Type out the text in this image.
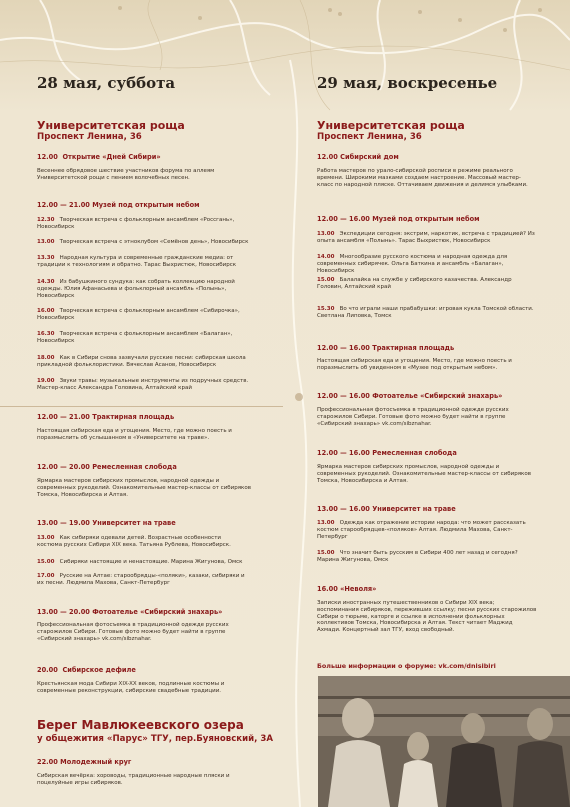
28 мая, суббота
Университетская роща
Проспект Ленина, 36
12.00 Открытие «Дней Сибири»
Весеннее обрядовое шествие участников форума по аллеям Университетской рощи с пением волочебных песен.
12.00 — 21.00 Музей под открытым небом
12.30 Творческая встреча с фольклорным ансамблем «Россгань», Новосибирск
13.00 Творческая встреча с этноклубом «Семёнов день», Новосибирск
13.30 Народная культура и современные гражданские медиа: от традиции к технологиям и обратно. Тарас Выхристюк, Новосибирск
14.30 Из бабушкиного сундука: как собрать коллекцию народной одежды. Юлия Афанасьева и фольклорный ансамбль «Полынь», Новосибирск
16.00 Творческая встреча с фольклорным ансамблем «Сибирочка», Новосибирск
16.30 Творческая встреча с фольклорным ансамблем «Балаган», Новосибирск
18.00 Как в Сибири снова зазвучали русские песни: сибирская школа прикладной фольклористики. Вячеслав Асанов, Новосибирск
19.00 Звуки травы: музыкальные инструменты из подручных средств. Мастер-класс Александра Головина, Алтайский край
12.00 — 21.00 Трактирная площадь
Настоящая сибирская еда и угощения. Место, где можно поесть и поразмыслить об услышанном в «Университете на траве».
12.00 — 20.00 Ремесленная слобода
Ярмарка мастеров сибирских промыслов, народной одежды и современных рукоделий. Ознакомительные мастер-классы от сибиряков Томска, Новосибирска и Алтая.
13.00 — 19.00 Университет на траве
13.00 Как сибиряки одевали детей. Возрастные особенности костюма русских Сибири XIX века. Татьяна Рублева, Новосибирск.
15.00 Сибиряки настоящие и ненастоящие. Марина Жигунова, Омск
17.00 Русские на Алтае: старообрядцы-«поляки», казаки, сибиряки и их песни. Людмила Махова, Санкт-Петербург
13.00 — 20.00 Фотоателье «Сибирский знахарь»
Профессиональная фотосъемка в традиционной одежде русских старожилов Сибири. Готовые фото можно будет найти в группе «Сибирский знахарь» vk.com/sibznahar.
20.00 Сибирское дефиле
Крестьянская мода Сибири XIX-XX веков, подлинные костюмы и современные реконструкции, сибирские свадебные традиции.
Берег Мавлюкеевского озера
у общежития «Парус» ТГУ, пер.Буяновский, 3А
22.00 Молодежный круг
Сибирская вечёрка: хороводы, традиционные народные пляски и поцелуйные игры сибиряков.
29 мая, воскресенье
Университетская роща
Проспект Ленина, 36
12.00 Сибирский дом
Работа мастеров по урало-сибирской росписи в режиме реального времени. Широкими мазками создаем настроение. Массовый мастер-класс по народной пляске. Оттачиваем движения и делимся улыбками.
12.00 — 16.00 Музей под открытым небом
13.00 Экспедиции сегодня: экстрим, наркотик, встреча с традицией? Из опыта ансамбля «Полынь». Тарас Выхристюк, Новосибирск
14.00 Многообразие русского костюма и народная одежда для современных сибирячек. Ольга Баткина и ансамбль «Балаган», Новосибирск
15.00 Балалайка на службе у сибирского казачества. Александр Головин, Алтайский край
15.30 Во что играли наши прабабушки: игровая кукла Томской области. Светлана Липовка, Томск
12.00 — 16.00 Трактирная площадь
Настоящая сибирская еда и угощения. Место, где можно поесть и поразмыслить об увиденном в «Музее под открытым небом».
12.00 — 16.00 Фотоателье «Сибирский знахарь»
Профессиональная фотосъемка в традиционной одежде русских старожилов Сибири. Готовые фото можно будет найти в группе «Сибирский знахарь» vk.com/sibznahar.
12.00 — 16.00 Ремесленная слобода
Ярмарка мастеров сибирских промыслов, народной одежды и современных рукоделий. Ознакомительные мастер-классы от сибиряков Томска, Новосибирска и Алтая.
13.00 — 16.00 Университет на траве
13.00 Одежда как отражение истории народа: что может рассказать костюм старообрядцев-«поляков» Алтая. Людмила Махова, Санкт-Петербург
15.00 Что значит быть русским в Сибири 400 лет назад и сегодня? Марина Жигунова, Омск
16.00 «Неволя»
Записки иностранных путешественников о Сибири XIX века; воспоминания сибиряков, переживших ссылку; песни русских старожилов Сибири о тюрьме, каторге и ссылке в исполнении фольклорных коллективов Томска, Новосибирска и Алтая. Текст читает Маджид Ахмади. Концертный зал ТГУ, вход свободный.
Больше информации о форуме: vk.com/dnisibiri
